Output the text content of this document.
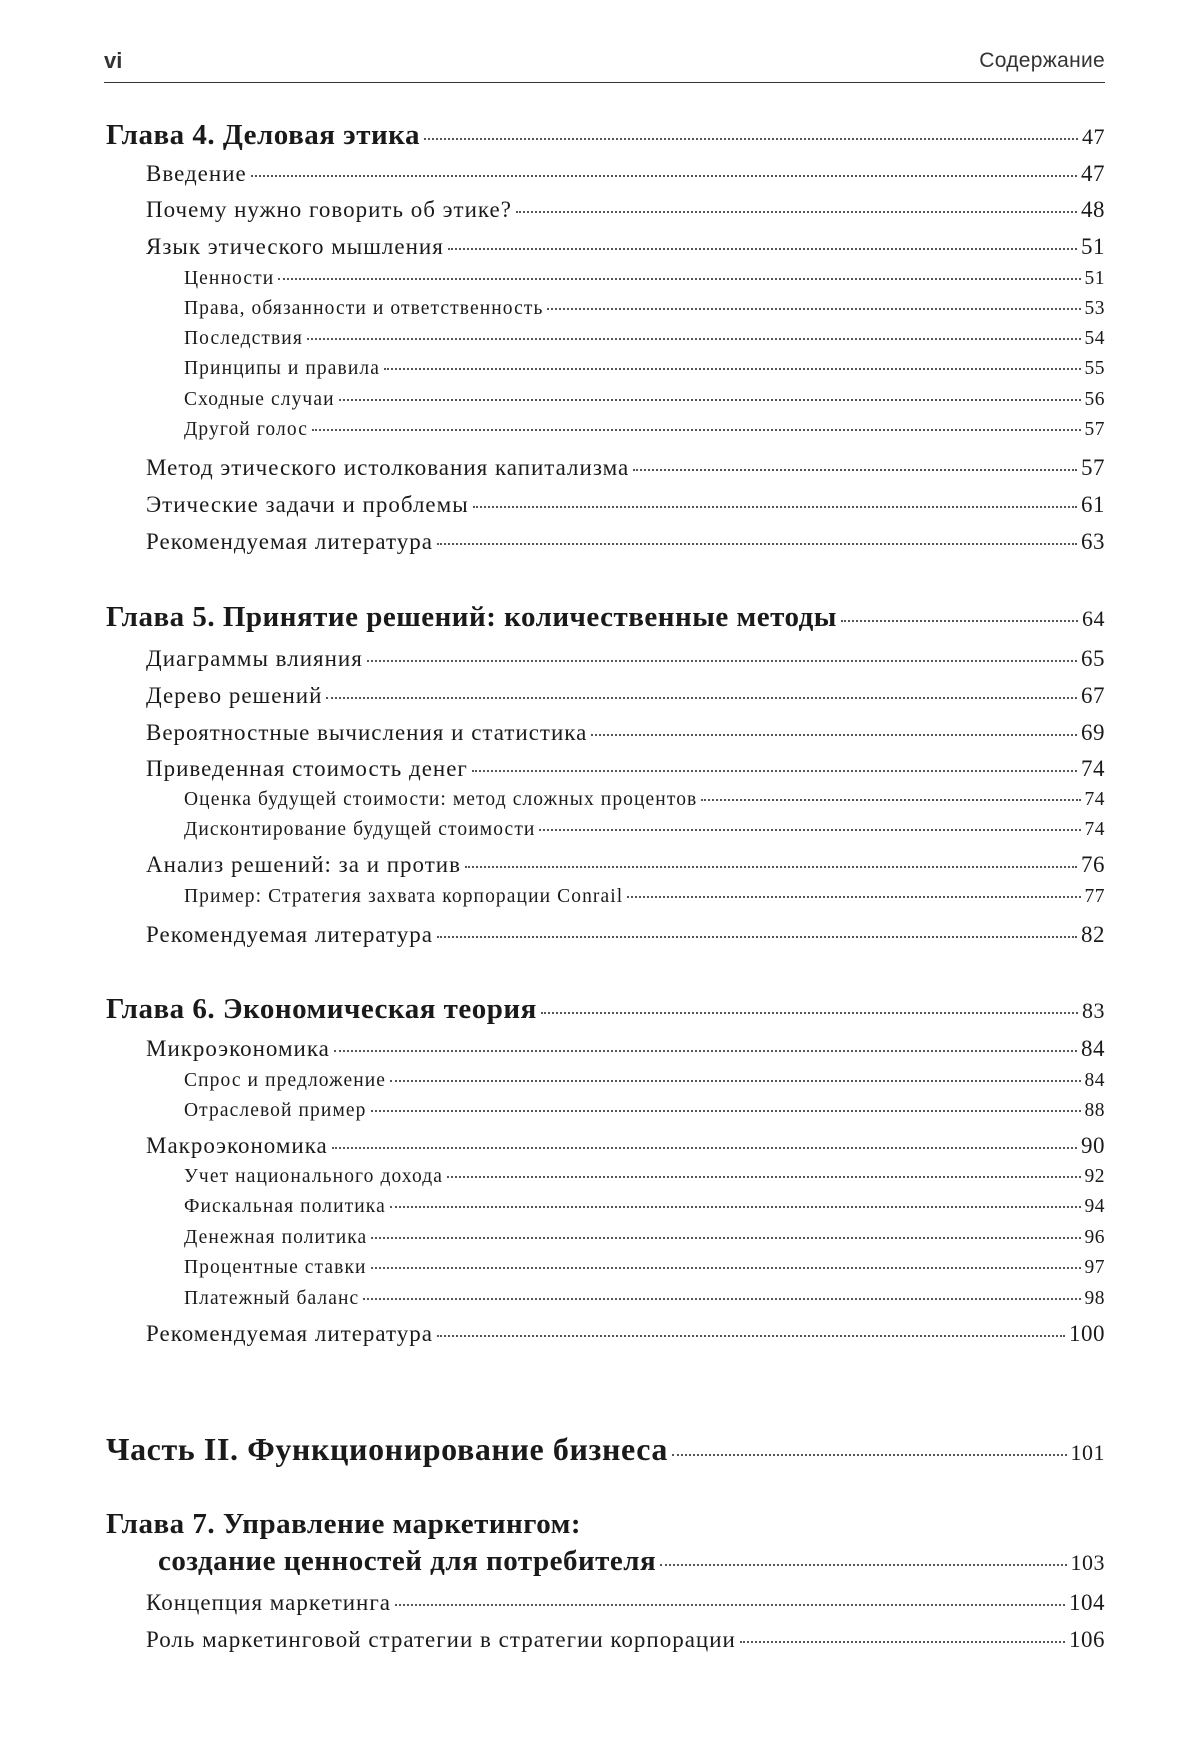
vi	Содержание
Глава 4. Деловая этика	47
Введение	47
Почему нужно говорить об этике?	48
Язык этического мышления	51
Ценности	51
Права, обязанности и ответственность	53
Последствия	54
Принципы и правила	55
Сходные случаи	56
Другой голос	57
Метод этического истолкования капитализма	57
Этические задачи и проблемы	61
Рекомендуемая литература	63
Глава 5. Принятие решений: количественные методы	64
Диаграммы влияния	65
Дерево решений	67
Вероятностные вычисления и статистика	69
Приведенная стоимость денег	74
Оценка будущей стоимости: метод сложных процентов	74
Дисконтирование будущей стоимости	74
Анализ решений: за и против	76
Пример: Стратегия захвата корпорации Conrail	77
Рекомендуемая литература	82
Глава 6. Экономическая теория	83
Микроэкономика	84
Спрос и предложение	84
Отраслевой пример	88
Макроэкономика	90
Учет национального дохода	92
Фискальная политика	94
Денежная политика	96
Процентные ставки	97
Платежный баланс	98
Рекомендуемая литература	100
Часть II. Функционирование бизнеса	101
Глава 7. Управление маркетингом:
создание ценностей для потребителя	103
Концепция маркетинга	104
Роль маркетинговой стратегии в стратегии корпорации	106
